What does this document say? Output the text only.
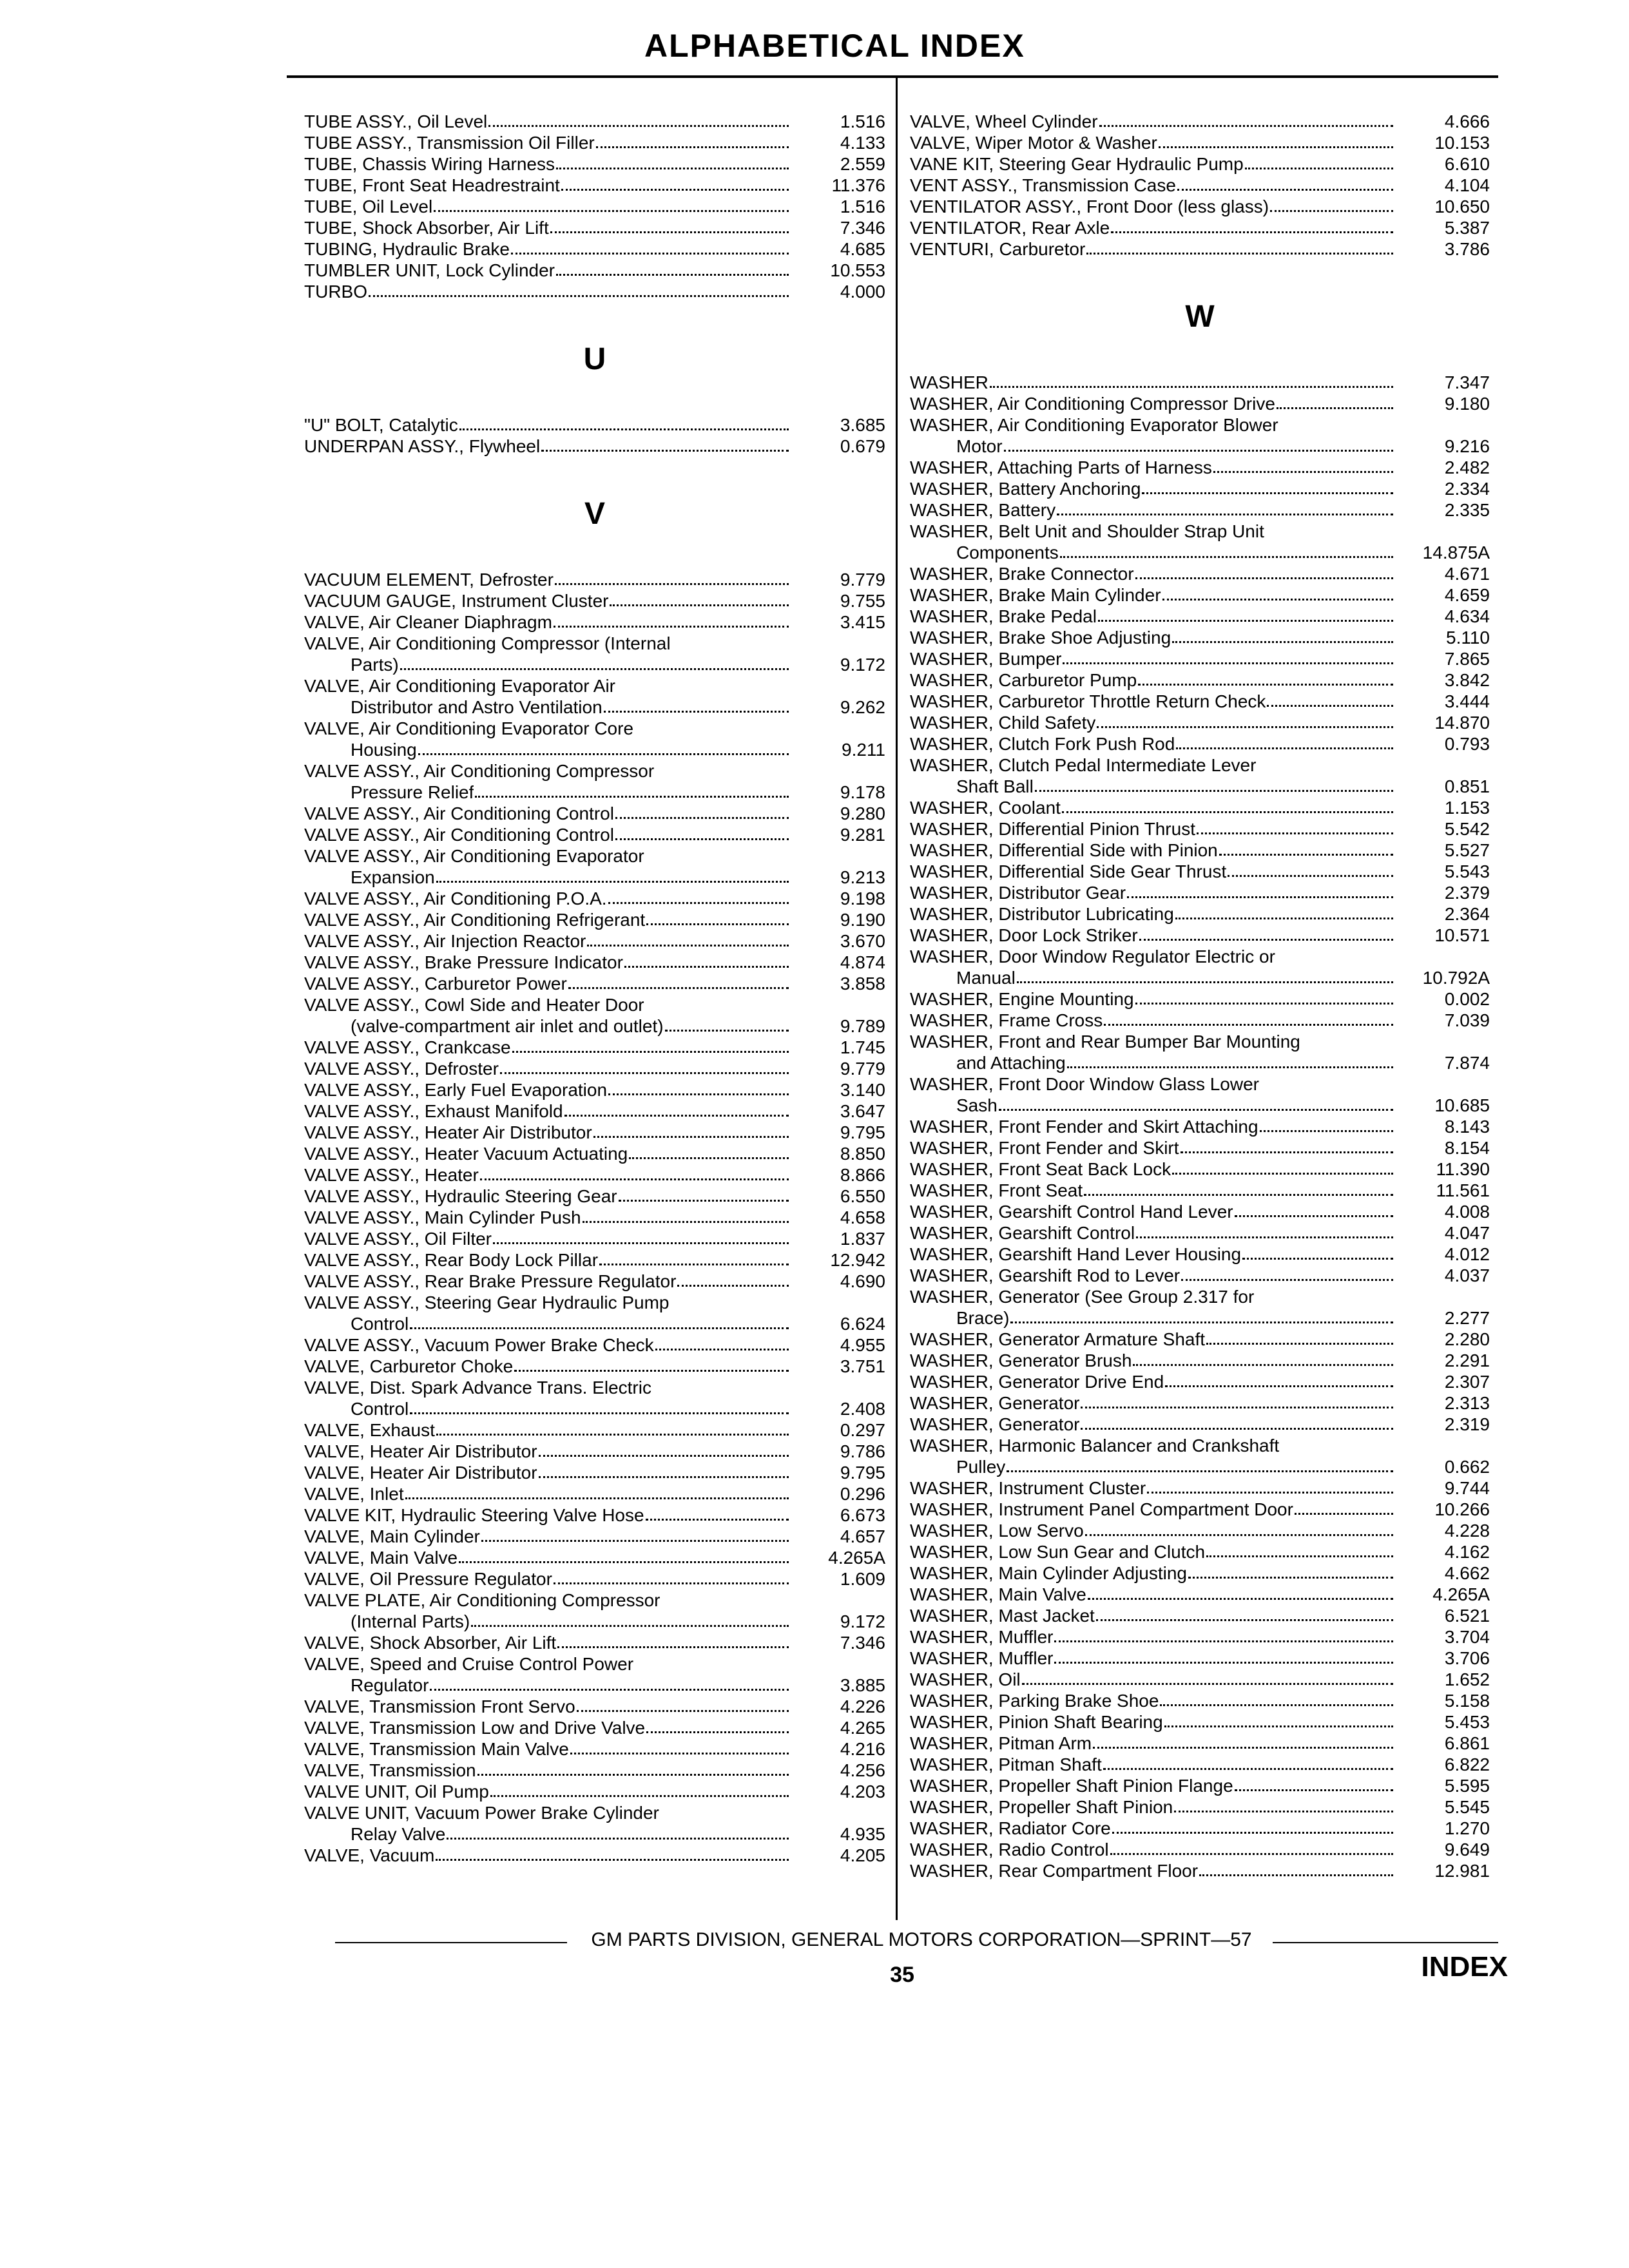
ALPHABETICAL INDEX
TUBE ASSY., Oil Level	1.516
TUBE ASSY., Transmission Oil Filler	4.133
TUBE, Chassis Wiring Harness	2.559
TUBE, Front Seat Headrestraint	11.376
TUBE, Oil Level	1.516
TUBE, Shock Absorber, Air Lift	7.346
TUBING, Hydraulic Brake	4.685
TUMBLER UNIT, Lock Cylinder	10.553
TURBO	4.000
U
"U" BOLT, Catalytic	3.685
UNDERPAN ASSY., Flywheel	0.679
V
VACUUM ELEMENT, Defroster	9.779
VACUUM GAUGE, Instrument Cluster	9.755
VALVE, Air Cleaner Diaphragm	3.415
VALVE, Air Conditioning Compressor (Internal
Parts)	9.172
VALVE, Air Conditioning Evaporator Air
Distributor and Astro Ventilation	9.262
VALVE, Air Conditioning Evaporator Core
Housing	9.211
VALVE ASSY., Air Conditioning Compressor
Pressure Relief	9.178
VALVE ASSY., Air Conditioning Control	9.280
VALVE ASSY., Air Conditioning Control	9.281
VALVE ASSY., Air Conditioning Evaporator
Expansion	9.213
VALVE ASSY., Air Conditioning P.O.A.	9.198
VALVE ASSY., Air Conditioning Refrigerant	9.190
VALVE ASSY., Air Injection Reactor	3.670
VALVE ASSY., Brake Pressure Indicator	4.874
VALVE ASSY., Carburetor Power	3.858
VALVE ASSY., Cowl Side and Heater Door
(valve-compartment air inlet and outlet)	9.789
VALVE ASSY., Crankcase	1.745
VALVE ASSY., Defroster	9.779
VALVE ASSY., Early Fuel Evaporation	3.140
VALVE ASSY., Exhaust Manifold	3.647
VALVE ASSY., Heater Air Distributor	9.795
VALVE ASSY., Heater Vacuum Actuating	8.850
VALVE ASSY., Heater	8.866
VALVE ASSY., Hydraulic Steering Gear	6.550
VALVE ASSY., Main Cylinder Push	4.658
VALVE ASSY., Oil Filter	1.837
VALVE ASSY., Rear Body Lock Pillar	12.942
VALVE ASSY., Rear Brake Pressure Regulator	4.690
VALVE ASSY., Steering Gear Hydraulic Pump
Control	6.624
VALVE ASSY., Vacuum Power Brake Check	4.955
VALVE, Carburetor Choke	3.751
VALVE, Dist. Spark Advance Trans. Electric
Control	2.408
VALVE, Exhaust	0.297
VALVE, Heater Air Distributor	9.786
VALVE, Heater Air Distributor	9.795
VALVE, Inlet	0.296
VALVE KIT, Hydraulic Steering Valve Hose	6.673
VALVE, Main Cylinder	4.657
VALVE, Main Valve	4.265A
VALVE, Oil Pressure Regulator	1.609
VALVE PLATE, Air Conditioning Compressor
(Internal Parts)	9.172
VALVE, Shock Absorber, Air Lift	7.346
VALVE, Speed and Cruise Control Power
Regulator	3.885
VALVE, Transmission Front Servo	4.226
VALVE, Transmission Low and Drive Valve	4.265
VALVE, Transmission Main Valve	4.216
VALVE, Transmission	4.256
VALVE UNIT, Oil Pump	4.203
VALVE UNIT, Vacuum Power Brake Cylinder
Relay Valve	4.935
VALVE, Vacuum	4.205
VALVE, Wheel Cylinder	4.666
VALVE, Wiper Motor & Washer	10.153
VANE KIT, Steering Gear Hydraulic Pump	6.610
VENT ASSY., Transmission Case	4.104
VENTILATOR ASSY., Front Door (less glass)	10.650
VENTILATOR, Rear Axle	5.387
VENTURI, Carburetor	3.786
W
WASHER	7.347
WASHER, Air Conditioning Compressor Drive	9.180
WASHER, Air Conditioning Evaporator Blower
Motor	9.216
WASHER, Attaching Parts of Harness	2.482
WASHER, Battery Anchoring	2.334
WASHER, Battery	2.335
WASHER, Belt Unit and Shoulder Strap Unit
Components	14.875A
WASHER, Brake Connector	4.671
WASHER, Brake Main Cylinder	4.659
WASHER, Brake Pedal	4.634
WASHER, Brake Shoe Adjusting	5.110
WASHER, Bumper	7.865
WASHER, Carburetor Pump	3.842
WASHER, Carburetor Throttle Return Check	3.444
WASHER, Child Safety	14.870
WASHER, Clutch Fork Push Rod	0.793
WASHER, Clutch Pedal Intermediate Lever
Shaft Ball	0.851
WASHER, Coolant	1.153
WASHER, Differential Pinion Thrust	5.542
WASHER, Differential Side with Pinion	5.527
WASHER, Differential Side Gear Thrust	5.543
WASHER, Distributor Gear	2.379
WASHER, Distributor Lubricating	2.364
WASHER, Door Lock Striker	10.571
WASHER, Door Window Regulator Electric or
Manual	10.792A
WASHER, Engine Mounting	0.002
WASHER, Frame Cross	7.039
WASHER, Front and Rear Bumper Bar Mounting
and Attaching	7.874
WASHER, Front Door Window Glass Lower
Sash	10.685
WASHER, Front Fender and Skirt Attaching	8.143
WASHER, Front Fender and Skirt	8.154
WASHER, Front Seat Back Lock	11.390
WASHER, Front Seat	11.561
WASHER, Gearshift Control Hand Lever	4.008
WASHER, Gearshift Control	4.047
WASHER, Gearshift Hand Lever Housing	4.012
WASHER, Gearshift Rod to Lever	4.037
WASHER, Generator (See Group 2.317 for
Brace)	2.277
WASHER, Generator Armature Shaft	2.280
WASHER, Generator Brush	2.291
WASHER, Generator Drive End	2.307
WASHER, Generator	2.313
WASHER, Generator	2.319
WASHER, Harmonic Balancer and Crankshaft
Pulley	0.662
WASHER, Instrument Cluster	9.744
WASHER, Instrument Panel Compartment Door	10.266
WASHER, Low Servo	4.228
WASHER, Low Sun Gear and Clutch	4.162
WASHER, Main Cylinder Adjusting	4.662
WASHER, Main Valve	4.265A
WASHER, Mast Jacket	6.521
WASHER, Muffler	3.704
WASHER, Muffler	3.706
WASHER, Oil	1.652
WASHER, Parking Brake Shoe	5.158
WASHER, Pinion Shaft Bearing	5.453
WASHER, Pitman Arm	6.861
WASHER, Pitman Shaft	6.822
WASHER, Propeller Shaft Pinion Flange	5.595
WASHER, Propeller Shaft Pinion	5.545
WASHER, Radiator Core	1.270
WASHER, Radio Control	9.649
WASHER, Rear Compartment Floor	12.981
GM PARTS DIVISION, GENERAL MOTORS CORPORATION—SPRINT—57
35	INDEX
